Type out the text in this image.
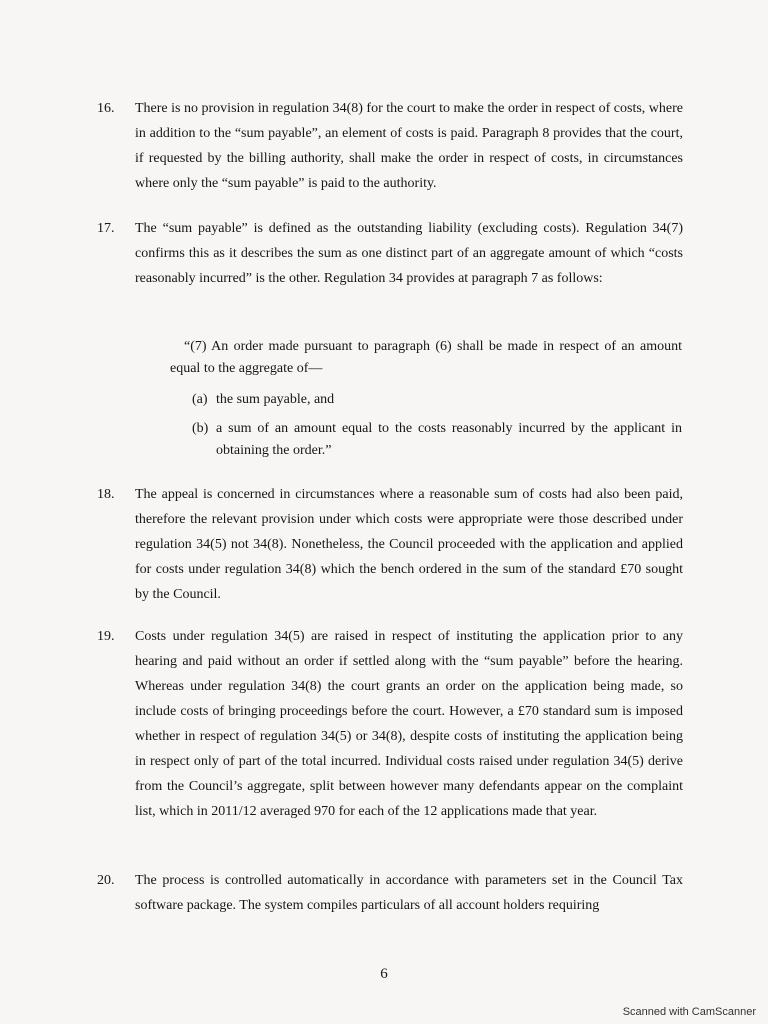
16.	There is no provision in regulation 34(8) for the court to make the order in respect of costs, where in addition to the “sum payable”, an element of costs is paid. Paragraph 8 provides that the court, if requested by the billing authority, shall make the order in respect of costs, in circumstances where only the “sum payable” is paid to the authority.
17.	The “sum payable” is defined as the outstanding liability (excluding costs). Regulation 34(7) confirms this as it describes the sum as one distinct part of an aggregate amount of which “costs reasonably incurred” is the other. Regulation 34 provides at paragraph 7 as follows:
“(7) An order made pursuant to paragraph (6) shall be made in respect of an amount equal to the aggregate of—
(a) the sum payable, and
(b) a sum of an amount equal to the costs reasonably incurred by the applicant in obtaining the order.”
18.	The appeal is concerned in circumstances where a reasonable sum of costs had also been paid, therefore the relevant provision under which costs were appropriate were those described under regulation 34(5) not 34(8). Nonetheless, the Council proceeded with the application and applied for costs under regulation 34(8) which the bench ordered in the sum of the standard £70 sought by the Council.
19.	Costs under regulation 34(5) are raised in respect of instituting the application prior to any hearing and paid without an order if settled along with the “sum payable” before the hearing. Whereas under regulation 34(8) the court grants an order on the application being made, so include costs of bringing proceedings before the court. However, a £70 standard sum is imposed whether in respect of regulation 34(5) or 34(8), despite costs of instituting the application being in respect only of part of the total incurred. Individual costs raised under regulation 34(5) derive from the Council’s aggregate, split between however many defendants appear on the complaint list, which in 2011/12 averaged 970 for each of the 12 applications made that year.
20.	The process is controlled automatically in accordance with parameters set in the Council Tax software package. The system compiles particulars of all account holders requiring
6
Scanned with CamScanner
